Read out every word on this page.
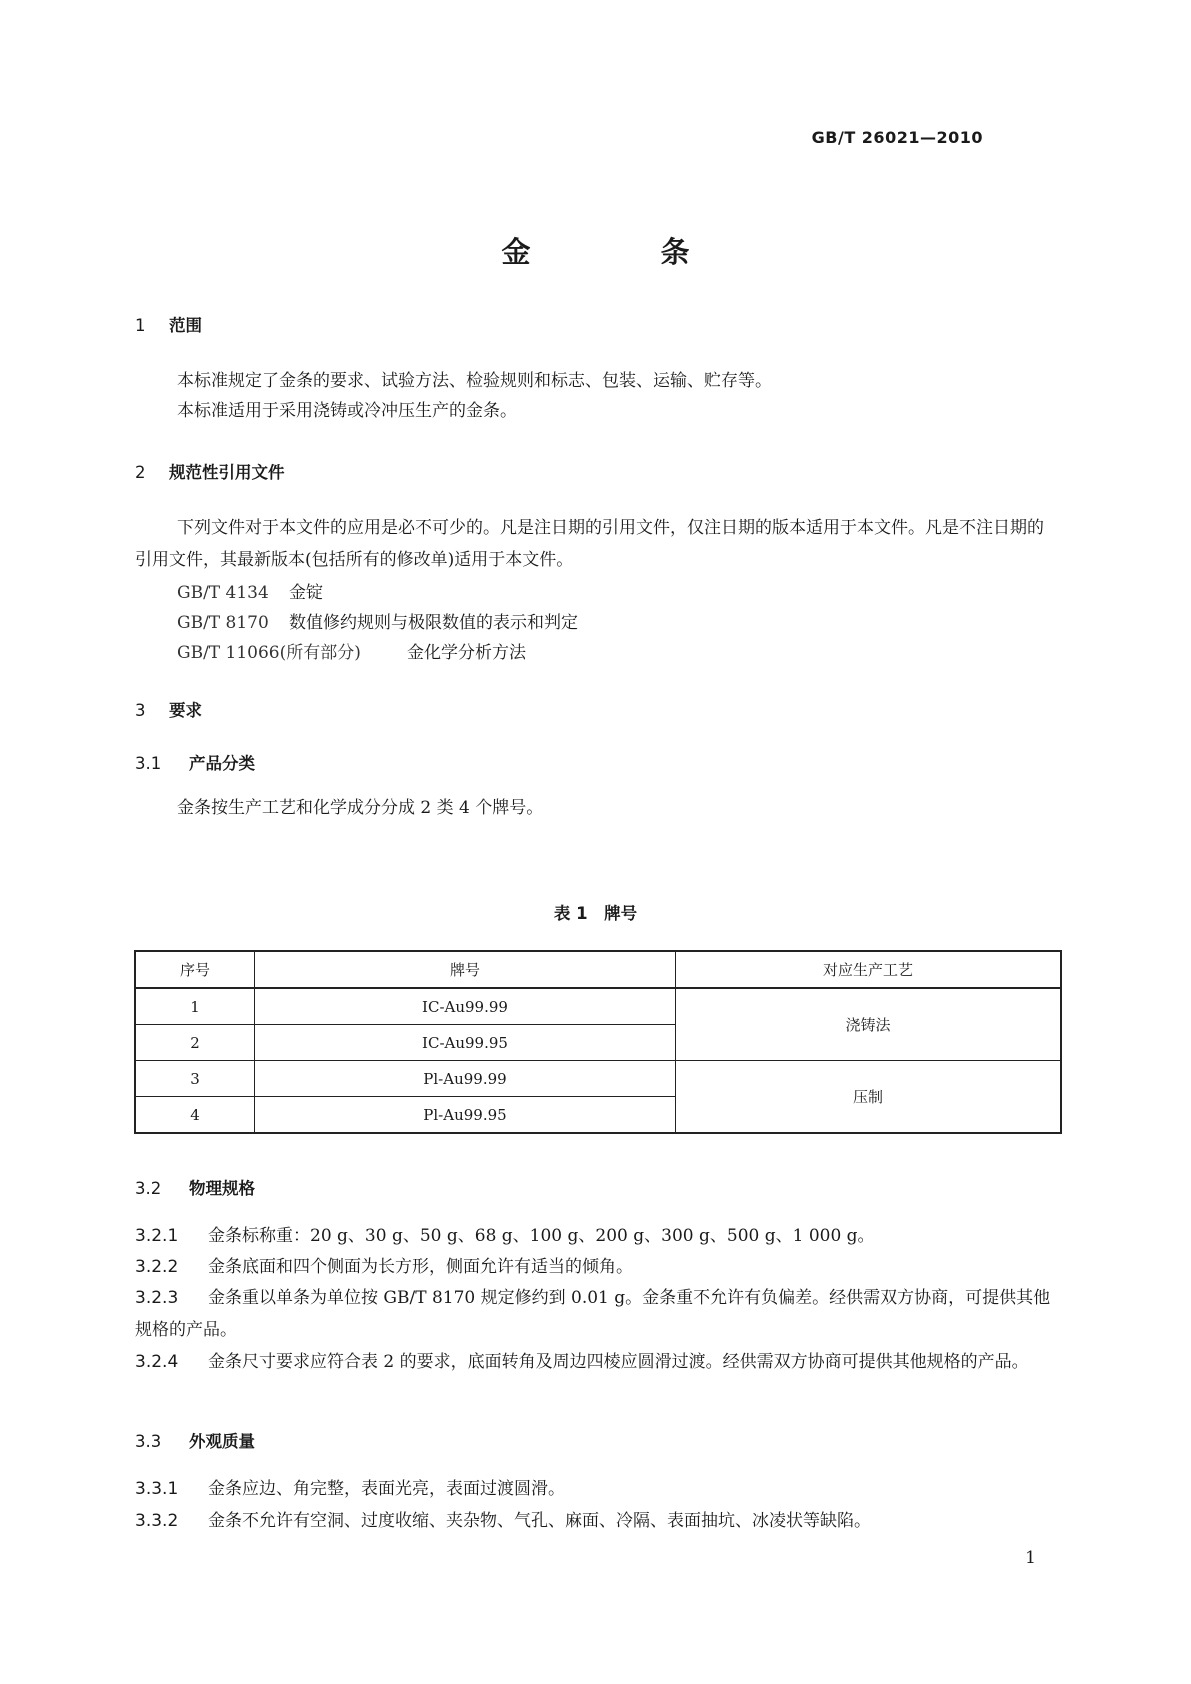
GB/T 26021—2010
金 条
1 范围
本标准规定了金条的要求、试验方法、检验规则和标志、包装、运输、贮存等。
本标准适用于采用浇铸或冷冲压生产的金条。
2 规范性引用文件
下列文件对于本文件的应用是必不可少的。凡是注日期的引用文件，仅注日期的版本适用于本文件。凡是不注日期的引用文件，其最新版本(包括所有的修改单)适用于本文件。
GB/T 4134 金锭
GB/T 8170 数值修约规则与极限数值的表示和判定
GB/T 11066(所有部分)	金化学分析方法
3 要求
3.1 产品分类
金条按生产工艺和化学成分分成 2 类 4 个牌号。
表 1　牌号
序号	牌号	对应生产工艺
1	IC-Au99.99	浇铸法
2	IC-Au99.95	
3	Pl-Au99.99	压制
4	Pl-Au99.95	
3.2 物理规格
3.2.1 金条标称重：20 g、30 g、50 g、68 g、100 g、200 g、300 g、500 g、1 000 g。
3.2.2 金条底面和四个侧面为长方形，侧面允许有适当的倾角。
3.2.3 金条重以单条为单位按 GB/T 8170 规定修约到 0.01 g。金条重不允许有负偏差。经供需双方协商，可提供其他规格的产品。
3.2.4 金条尺寸要求应符合表 2 的要求，底面转角及周边四棱应圆滑过渡。经供需双方协商可提供其他规格的产品。
3.3 外观质量
3.3.1 金条应边、角完整，表面光亮，表面过渡圆滑。
3.3.2 金条不允许有空洞、过度收缩、夹杂物、气孔、麻面、冷隔、表面抽坑、冰凌状等缺陷。
1
